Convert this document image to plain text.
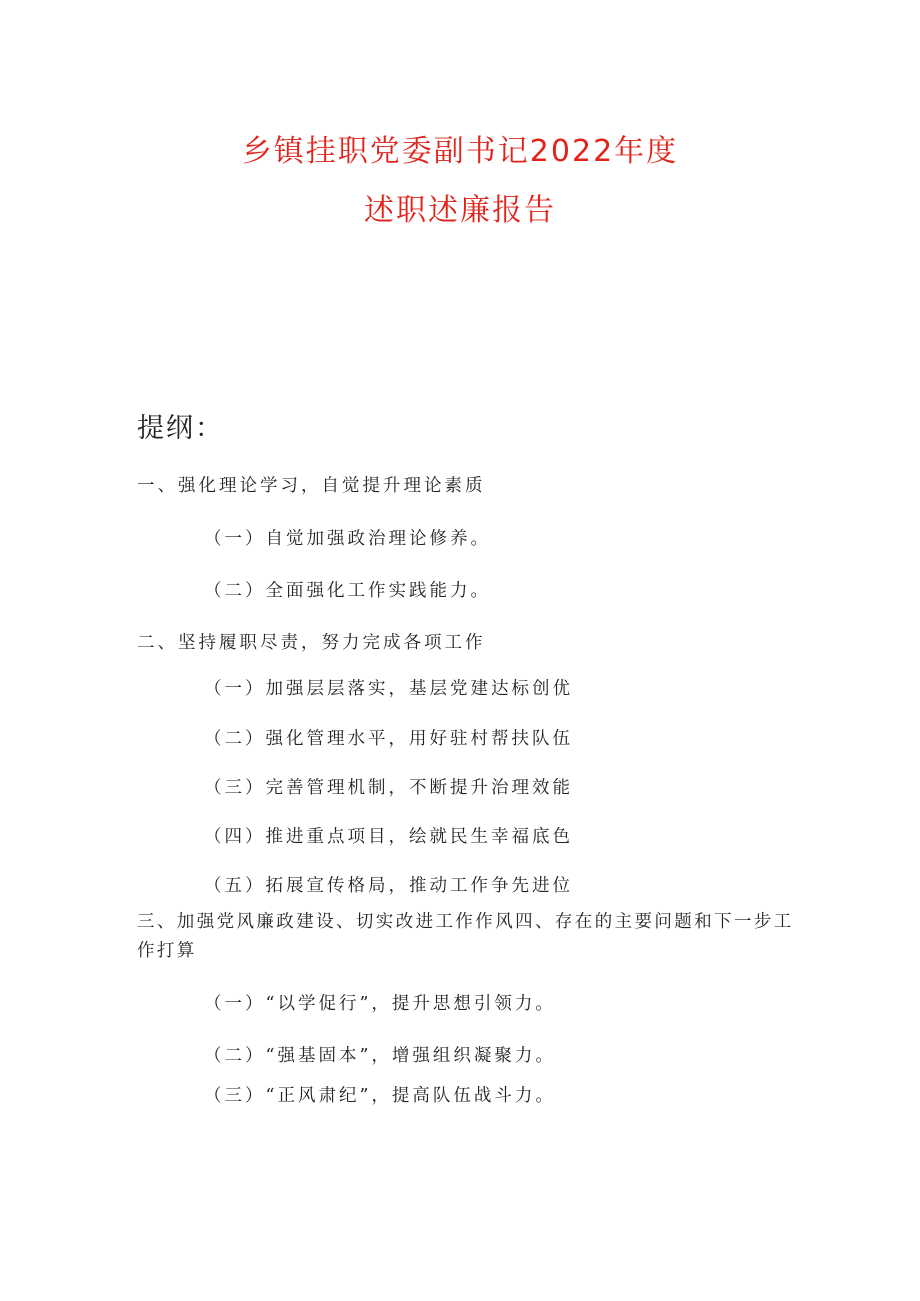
乡镇挂职党委副书记2022年度
述职述廉报告
提纲：
一、强化理论学习，自觉提升理论素质
（一）自觉加强政治理论修养。
（二）全面强化工作实践能力。
二、坚持履职尽责，努力完成各项工作
（一）加强层层落实，基层党建达标创优
（二）强化管理水平，用好驻村帮扶队伍
（三）完善管理机制，不断提升治理效能
（四）推进重点项目，绘就民生幸福底色
（五）拓展宣传格局，推动工作争先进位
三、加强党风廉政建设、切实改进工作作风四、存在的主要问题和下一步工作打算
（一）“以学促行”，提升思想引领力。
（二）“强基固本”，增强组织凝聚力。
（三）“正风肃纪”，提高队伍战斗力。
